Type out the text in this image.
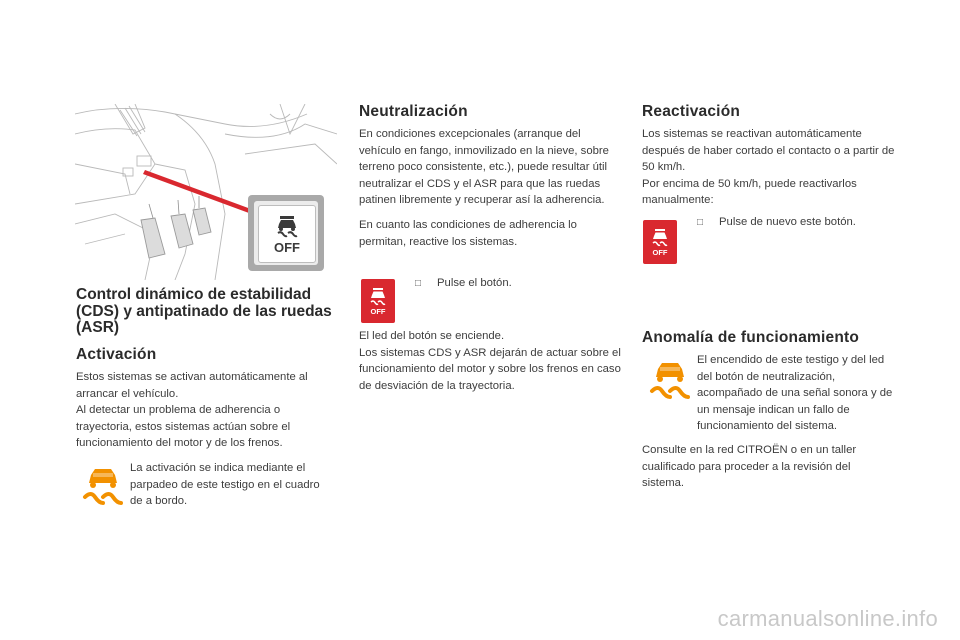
OFF
Control dinámico de estabilidad (CDS) y antipatinado de las ruedas (ASR)
Activación

Estos sistemas se activan automáticamente al arrancar el vehículo.

Al detectar un problema de adherencia o trayectoria, estos sistemas actúan sobre el funcionamiento del motor y de los frenos.

La activación se indica mediante el parpadeo de este testigo en el cuadro de a bordo.
Neutralización

En condiciones excepcionales (arranque del vehículo en fango, inmovilizado en la nieve, sobre terreno poco consistente, etc.), puede resultar útil neutralizar el CDS y el ASR para que las ruedas patinen libremente y recuperar así la adherencia.

En cuanto las condiciones de adherencia lo permitan, reactive los sistemas.

OFF
□ Pulse el botón.

El led del botón se enciende.

Los sistemas CDS y ASR dejarán de actuar sobre el funcionamiento del motor y sobre los frenos en caso de desviación de la trayectoria.

Reactivación

Los sistemas se reactivan automáticamente después de haber cortado el contacto o a partir de 50 km/h.

Por encima de 50 km/h, puede reactivarlos manualmente:

OFF
□ Pulse de nuevo este botón.
Anomalía de funcionamiento
El encendido de este testigo y del led del botón de neutralización, acompañado de una señal sonora y de un mensaje indican un fallo de funcionamiento del sistema.
Consulte en la red CITROËN o en un taller cualificado para proceder a la revisión del sistema.
carmanualsonline.info
